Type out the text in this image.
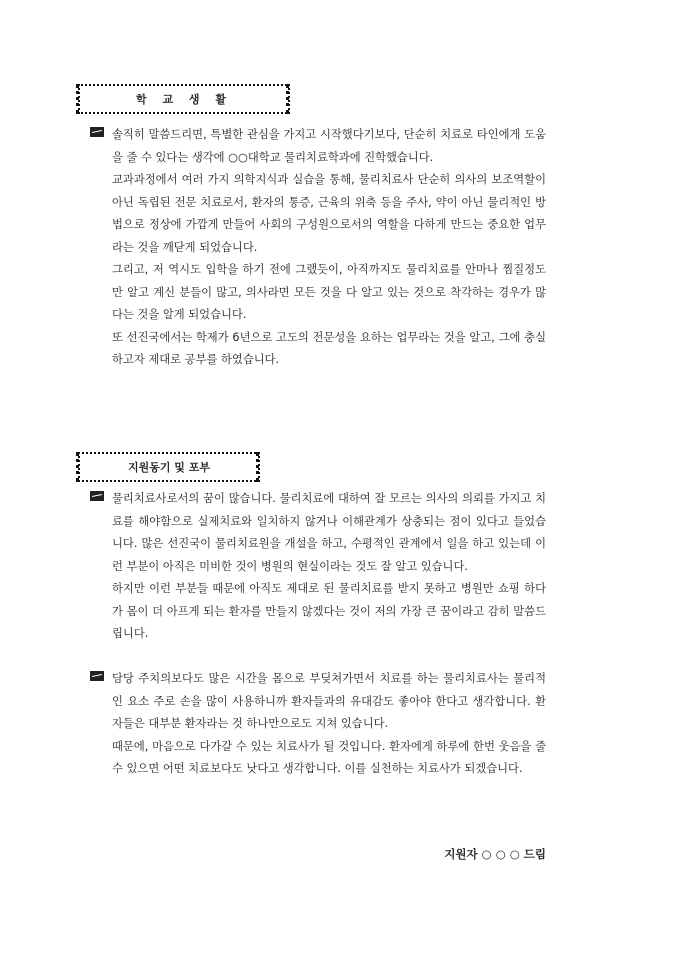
학 교 생 활

솔직히 말씀드리면, 특별한 관심을 가지고 시작했다기보다, 단순히 치료로 타인에게 도움을 줄 수 있다는 생각에 ○○대학교 물리치료학과에 진학했습니다.

교과과정에서 여러 가지 의학지식과 실습을 통해, 물리치료사 단순히 의사의 보조역할이 아닌 독립된 전문 치료로서, 환자의 통증, 근육의 위축 등을 주사, 약이 아닌 물리적인 방법으로 정상에 가깝게 만들어 사회의 구성원으로서의 역할을 다하게 만드는 중요한 업무라는 것을 깨닫게 되었습니다.

그리고, 저 역시도 입학을 하기 전에 그랬듯이, 아직까지도 물리치료를 안마나 찜질정도만 알고 계신 분들이 많고, 의사라면 모든 것을 다 알고 있는 것으로 착각하는 경우가 많다는 것을 알게 되었습니다.

또 선진국에서는 학제가 6년으로 고도의 전문성을 요하는 업무라는 것을 알고, 그에 충실하고자 제대로 공부를 하였습니다.

지원동기 및 포부

물리치료사로서의 꿈이 많습니다. 물리치료에 대하여 잘 모르는 의사의 의뢰를 가지고 치료를 해야함으로 실제치료와 일치하지 않거나 이해관계가 상충되는 점이 있다고 들었습니다. 많은 선진국이 물리치료원을 개설을 하고, 수평적인 관계에서 일을 하고 있는데 이런 부분이 아직은 미비한 것이 병원의 현실이라는 것도 잘 알고 있습니다.

하지만 이런 부분들 때문에 아직도 제대로 된 물리치료를 받지 못하고 병원만 쇼핑 하다가 몸이 더 아프게 되는 환자를 만들지 않겠다는 것이 저의 가장 큰 꿈이라고 감히 말씀드립니다.

담당 주치의보다도 많은 시간을 몸으로 부딪쳐가면서 치료를 하는 물리치료사는 물리적인 요소 주로 손을 많이 사용하니까 환자들과의 유대감도 좋아야 한다고 생각합니다. 환자들은 대부분 환자라는 것 하나만으로도 지쳐 있습니다.

때문에, 마음으로 다가갈 수 있는 치료사가 될 것입니다. 환자에게 하루에 한번 웃음을 줄 수 있으면 어떤 치료보다도 낫다고 생각합니다. 이를 실천하는 치료사가 되겠습니다.

지원자 ○ ○ ○ 드림
